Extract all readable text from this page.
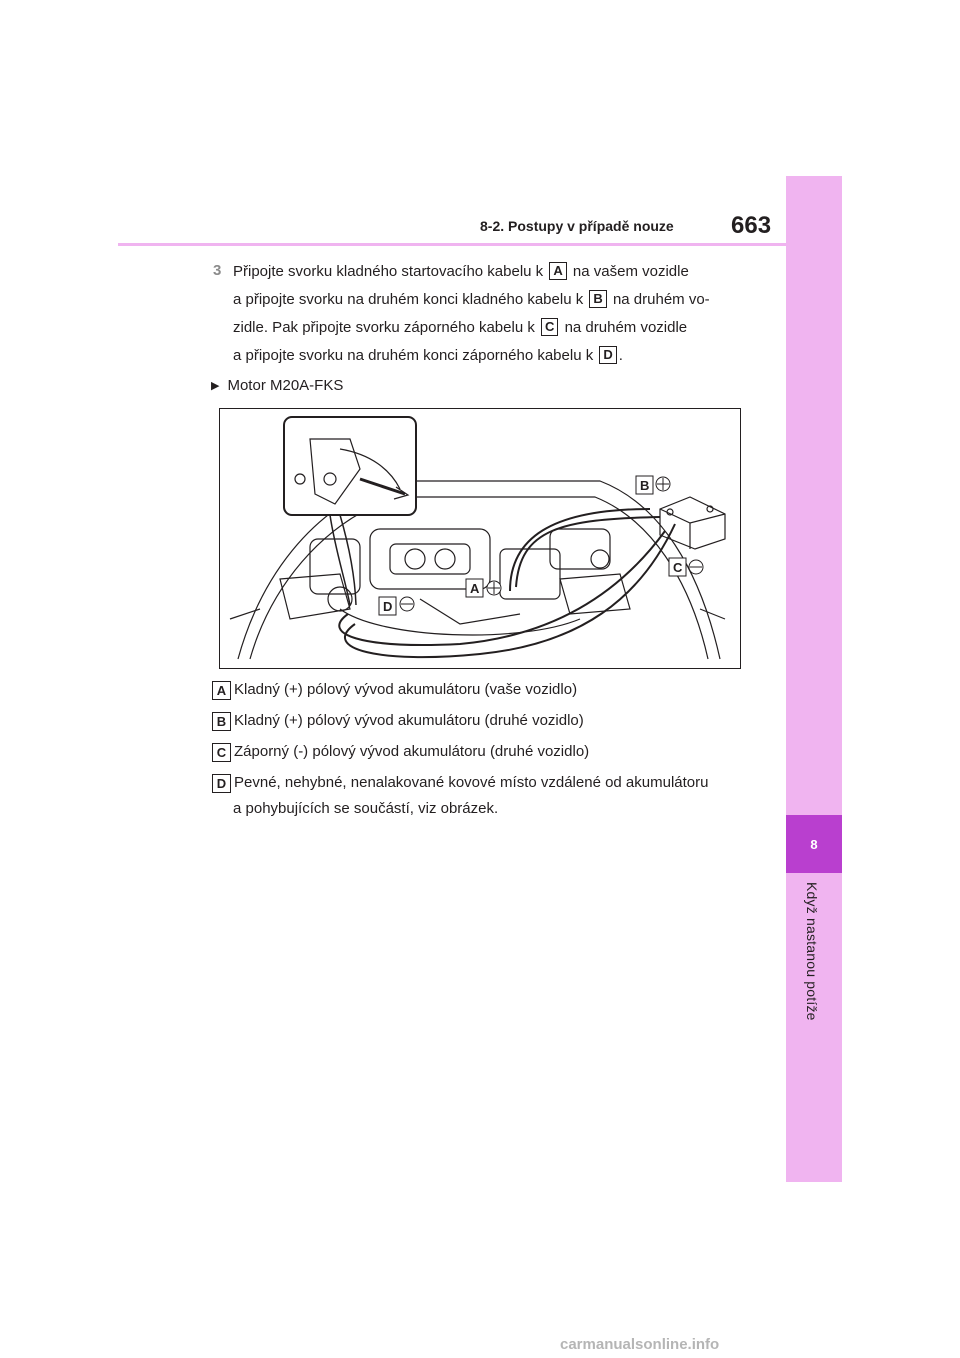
8
Když nastanou potíže
8-2. Postupy v případě nouze 663
3 Připojte svorku kladného startovacího kabelu k A na vašem vozidle
a připojte svorku na druhém konci kladného kabelu k B na druhém vo-
zidle. Pak připojte svorku záporného kabelu k C na druhém vozidle
a připojte svorku na druhém konci záporného kabelu k D .
▶ Motor M20A-FKS
B
C
A
D
A Kladný (+) pólový vývod akumulátoru (vaše vozidlo)
B Kladný (+) pólový vývod akumulátoru (druhé vozidlo)
C Záporný (-) pólový vývod akumulátoru (druhé vozidlo)
D Pevné, nehybné, nenalakované kovové místo vzdálené od akumulátoru
a pohybujících se součástí, viz obrázek.
carmanualsonline.info
